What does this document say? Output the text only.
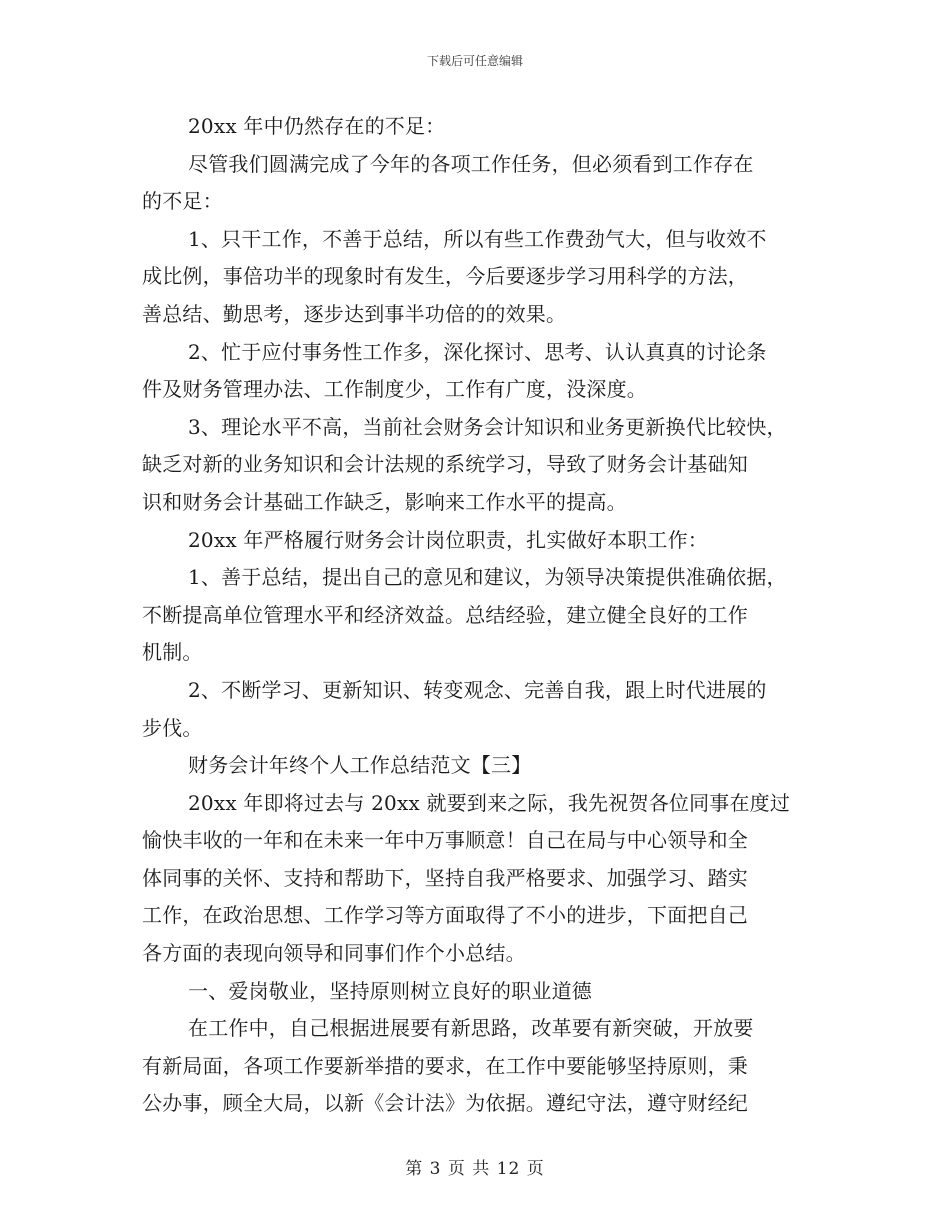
下载后可任意编辑
20xx 年中仍然存在的不足：
尽管我们圆满完成了今年的各项工作任务，但必须看到工作存在
的不足：
1、只干工作，不善于总结，所以有些工作费劲气大，但与收效不
成比例，事倍功半的现象时有发生，今后要逐步学习用科学的方法，
善总结、勤思考，逐步达到事半功倍的的效果。
2、忙于应付事务性工作多，深化探讨、思考、认认真真的讨论条
件及财务管理办法、工作制度少，工作有广度，没深度。
3、理论水平不高，当前社会财务会计知识和业务更新换代比较快，
缺乏对新的业务知识和会计法规的系统学习，导致了财务会计基础知
识和财务会计基础工作缺乏，影响来工作水平的提高。
20xx 年严格履行财务会计岗位职责，扎实做好本职工作：
1、善于总结，提出自己的意见和建议，为领导决策提供准确依据，
不断提高单位管理水平和经济效益。总结经验，建立健全良好的工作
机制。
2、不断学习、更新知识、转变观念、完善自我，跟上时代进展的
步伐。
财务会计年终个人工作总结范文【三】
20xx 年即将过去与 20xx 就要到来之际，我先祝贺各位同事在度过
愉快丰收的一年和在未来一年中万事顺意！自己在局与中心领导和全
体同事的关怀、支持和帮助下，坚持自我严格要求、加强学习、踏实
工作，在政治思想、工作学习等方面取得了不小的进步，下面把自己
各方面的表现向领导和同事们作个小总结。
一、爱岗敬业，坚持原则树立良好的职业道德
在工作中，自己根据进展要有新思路，改革要有新突破，开放要
有新局面，各项工作要新举措的要求，在工作中要能够坚持原则，秉
公办事，顾全大局，以新《会计法》为依据。遵纪守法，遵守财经纪
第 3 页 共 12 页
